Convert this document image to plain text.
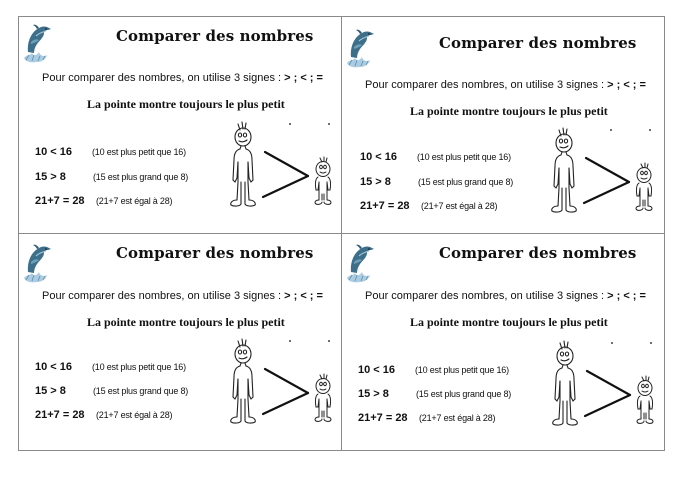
Comparer des nombres
Pour comparer des nombres, on utilise 3 signes : > ; < ; =
La pointe montre toujours le plus petit
10 < 16 (10 est plus petit que 16)
15 > 8	(15 est plus grand que 8)
21+7 = 28 (21+7 est égal à 28)
Comparer des nombres
Pour comparer des nombres, on utilise 3 signes : > ; < ; =
La pointe montre toujours le plus petit
10 < 16 (10 est plus petit que 16)
15 > 8	(15 est plus grand que 8)
21+7 = 28 (21+7 est égal à 28)
Comparer des nombres
Pour comparer des nombres, on utilise 3 signes : > ; < ; =
La pointe montre toujours le plus petit
10 < 16 (10 est plus petit que 16)
15 > 8	(15 est plus grand que 8)
21+7 = 28 (21+7 est égal à 28)
Comparer des nombres
Pour comparer des nombres, on utilise 3 signes : > ; < ; =
La pointe montre toujours le plus petit
10 < 16 (10 est plus petit que 16)
15 > 8	(15 est plus grand que 8)
21+7 = 28 (21+7 est égal à 28)
